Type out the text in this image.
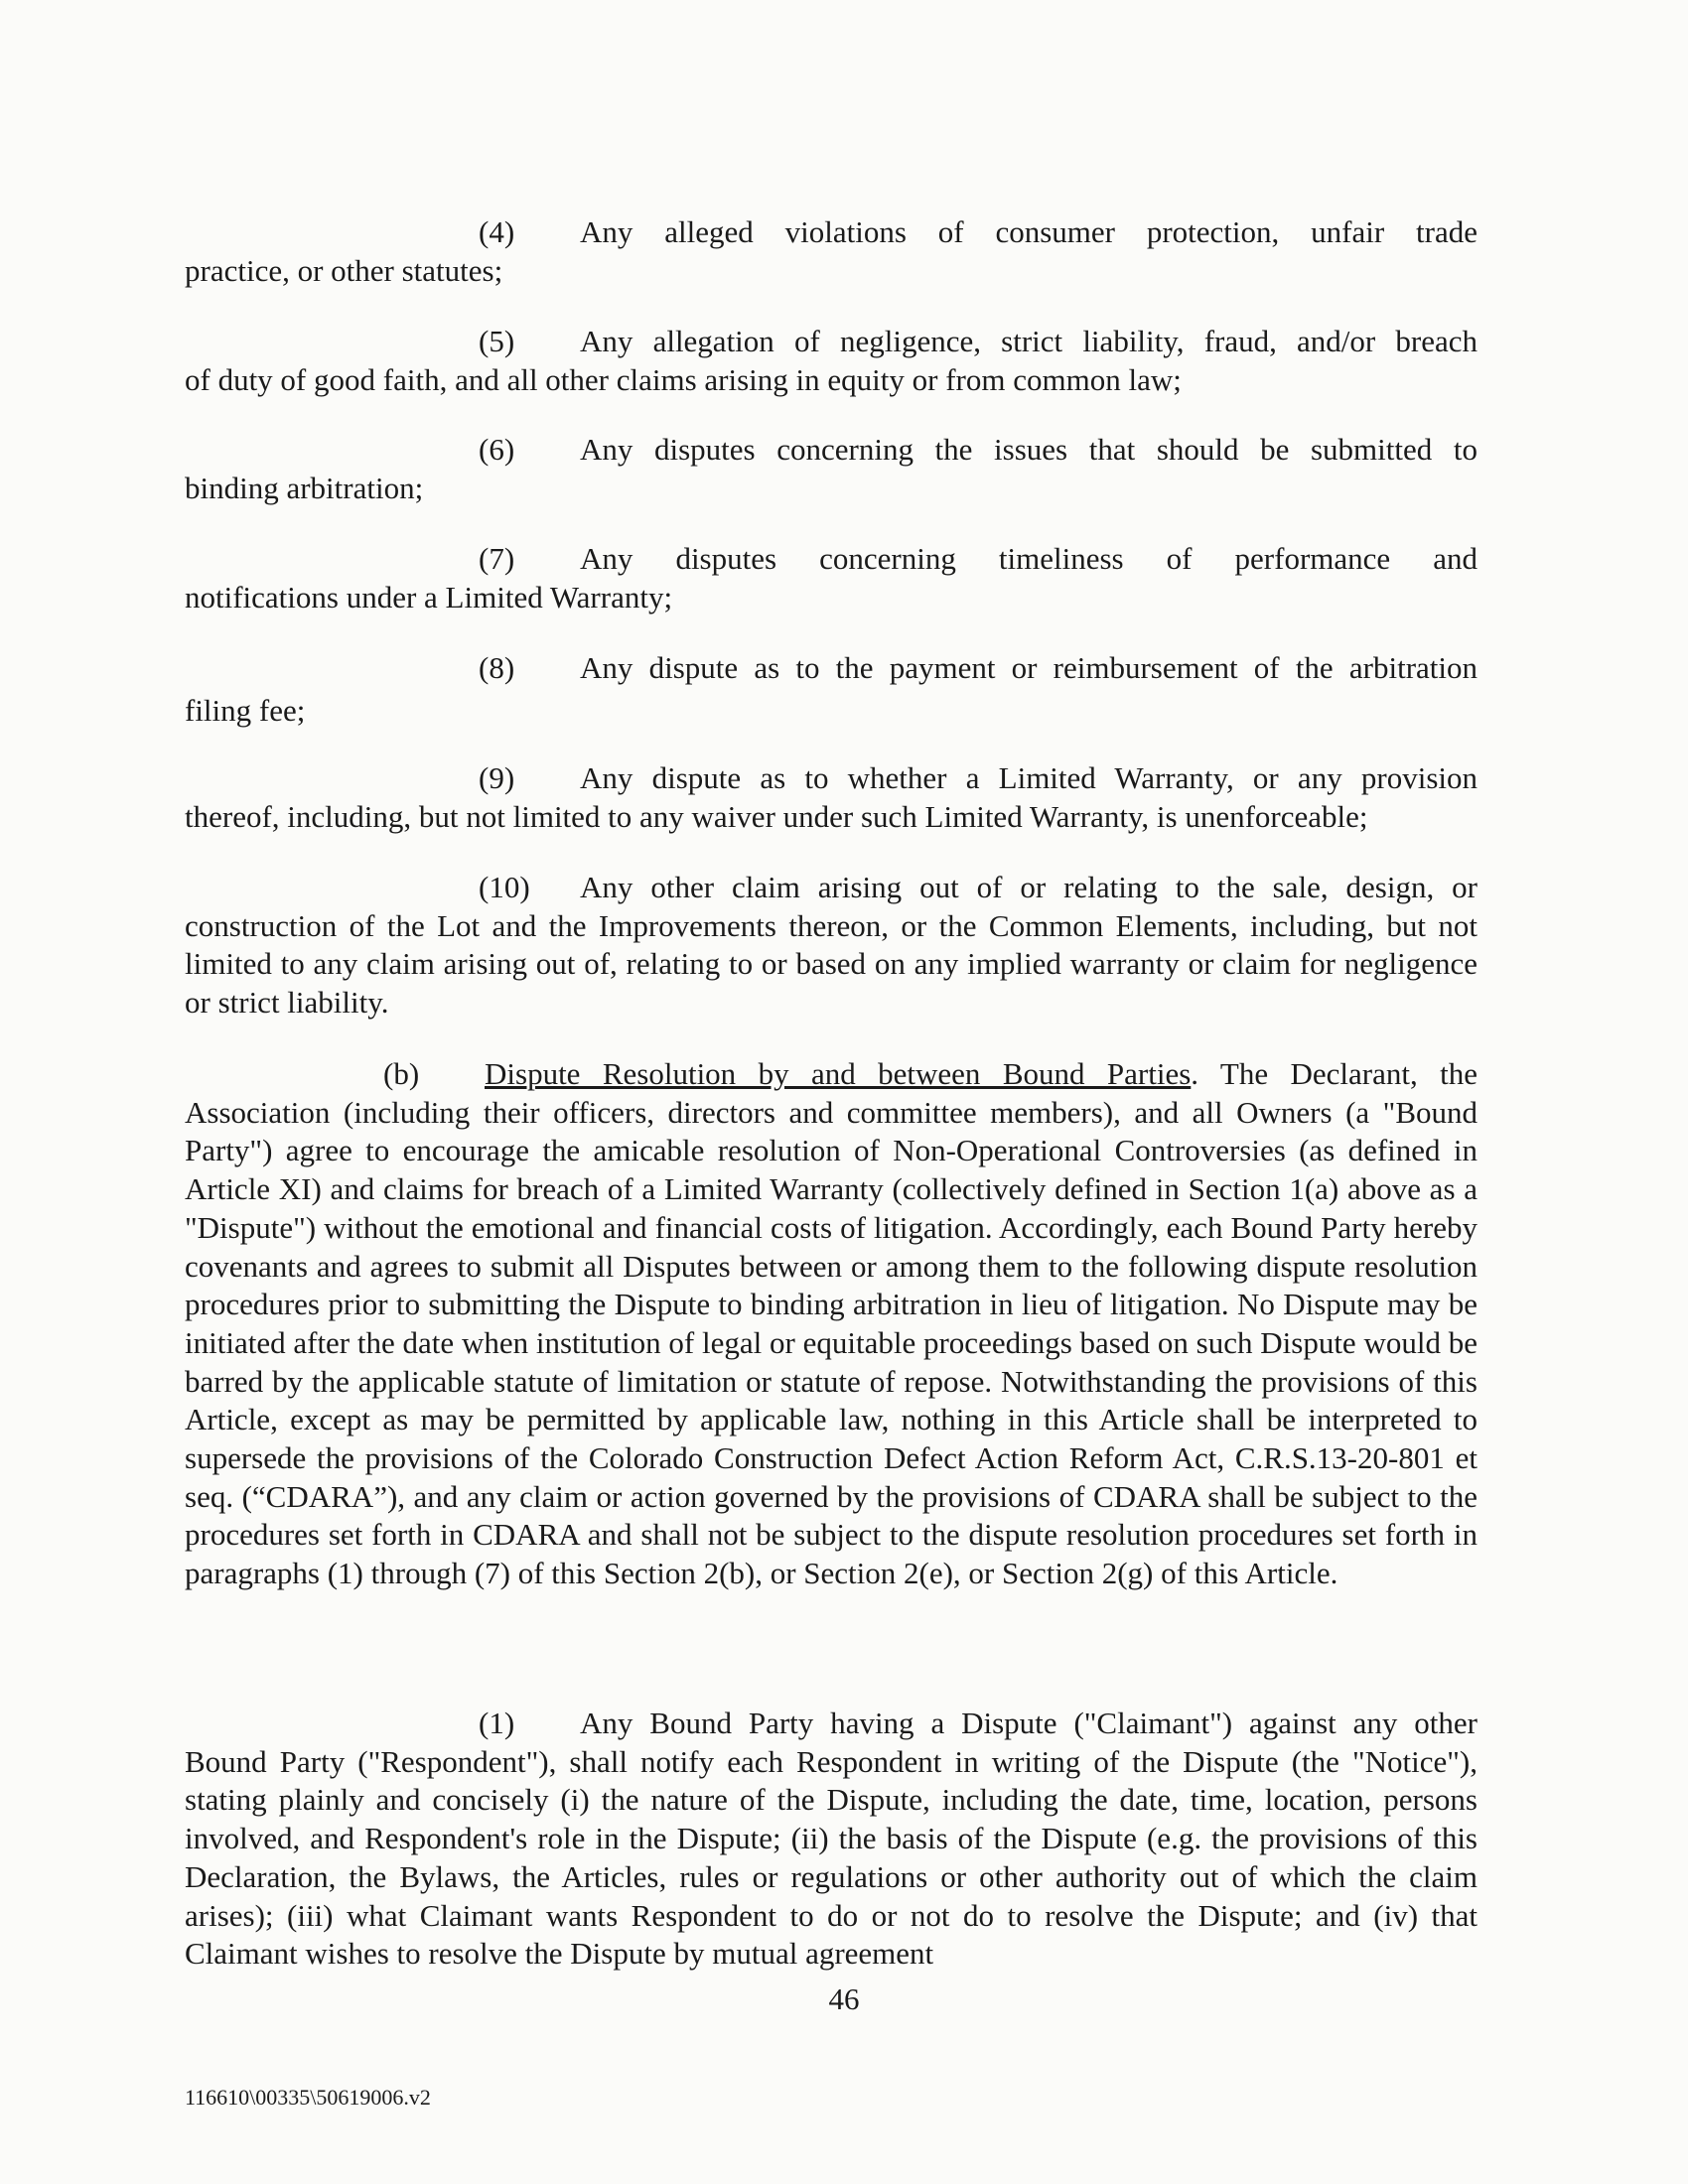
(4)	Any alleged violations of consumer protection, unfair trade
practice, or other statutes;
(5)	Any allegation of negligence, strict liability, fraud, and/or breach
of duty of good faith, and all other claims arising in equity or from common law;
(6)	Any disputes concerning the issues that should be submitted to
binding arbitration;
(7)	Any disputes concerning timeliness of performance and
notifications under a Limited Warranty;
(8)	Any dispute as to the payment or reimbursement of the arbitration
filing fee;
(9)	Any dispute as to whether a Limited Warranty, or any provision
thereof, including, but not limited to any waiver under such Limited Warranty, is unenforceable;
(10)	Any other claim arising out of or relating to the sale, design, or
construction of the Lot and the Improvements thereon, or the Common Elements, including, but not limited to any claim arising out of, relating to or based on any implied warranty or claim for negligence or strict liability.
(b)	Dispute Resolution by and between Bound Parties. The Declarant, the
Association (including their officers, directors and committee members), and all Owners (a "Bound Party") agree to encourage the amicable resolution of Non-Operational Controversies (as defined in Article XI) and claims for breach of a Limited Warranty (collectively defined in Section 1(a) above as a "Dispute") without the emotional and financial costs of litigation. Accordingly, each Bound Party hereby covenants and agrees to submit all Disputes between or among them to the following dispute resolution procedures prior to submitting the Dispute to binding arbitration in lieu of litigation. No Dispute may be initiated after the date when institution of legal or equitable proceedings based on such Dispute would be barred by the applicable statute of limitation or statute of repose. Notwithstanding the provisions of this Article, except as may be permitted by applicable law, nothing in this Article shall be interpreted to supersede the provisions of the Colorado Construction Defect Action Reform Act, C.R.S.13-20-801 et seq. (“CDARA”), and any claim or action governed by the provisions of CDARA shall be subject to the procedures set forth in CDARA and shall not be subject to the dispute resolution procedures set forth in paragraphs (1) through (7) of this Section 2(b), or Section 2(e), or Section 2(g) of this Article.
(1)	Any Bound Party having a Dispute ("Claimant") against any other
Bound Party ("Respondent"), shall notify each Respondent in writing of the Dispute (the "Notice"), stating plainly and concisely (i) the nature of the Dispute, including the date, time, location, persons involved, and Respondent's role in the Dispute; (ii) the basis of the Dispute (e.g. the provisions of this Declaration, the Bylaws, the Articles, rules or regulations or other authority out of which the claim arises); (iii) what Claimant wants Respondent to do or not do to resolve the Dispute; and (iv) that Claimant wishes to resolve the Dispute by mutual agreement

46

116610\00335\50619006.v2
